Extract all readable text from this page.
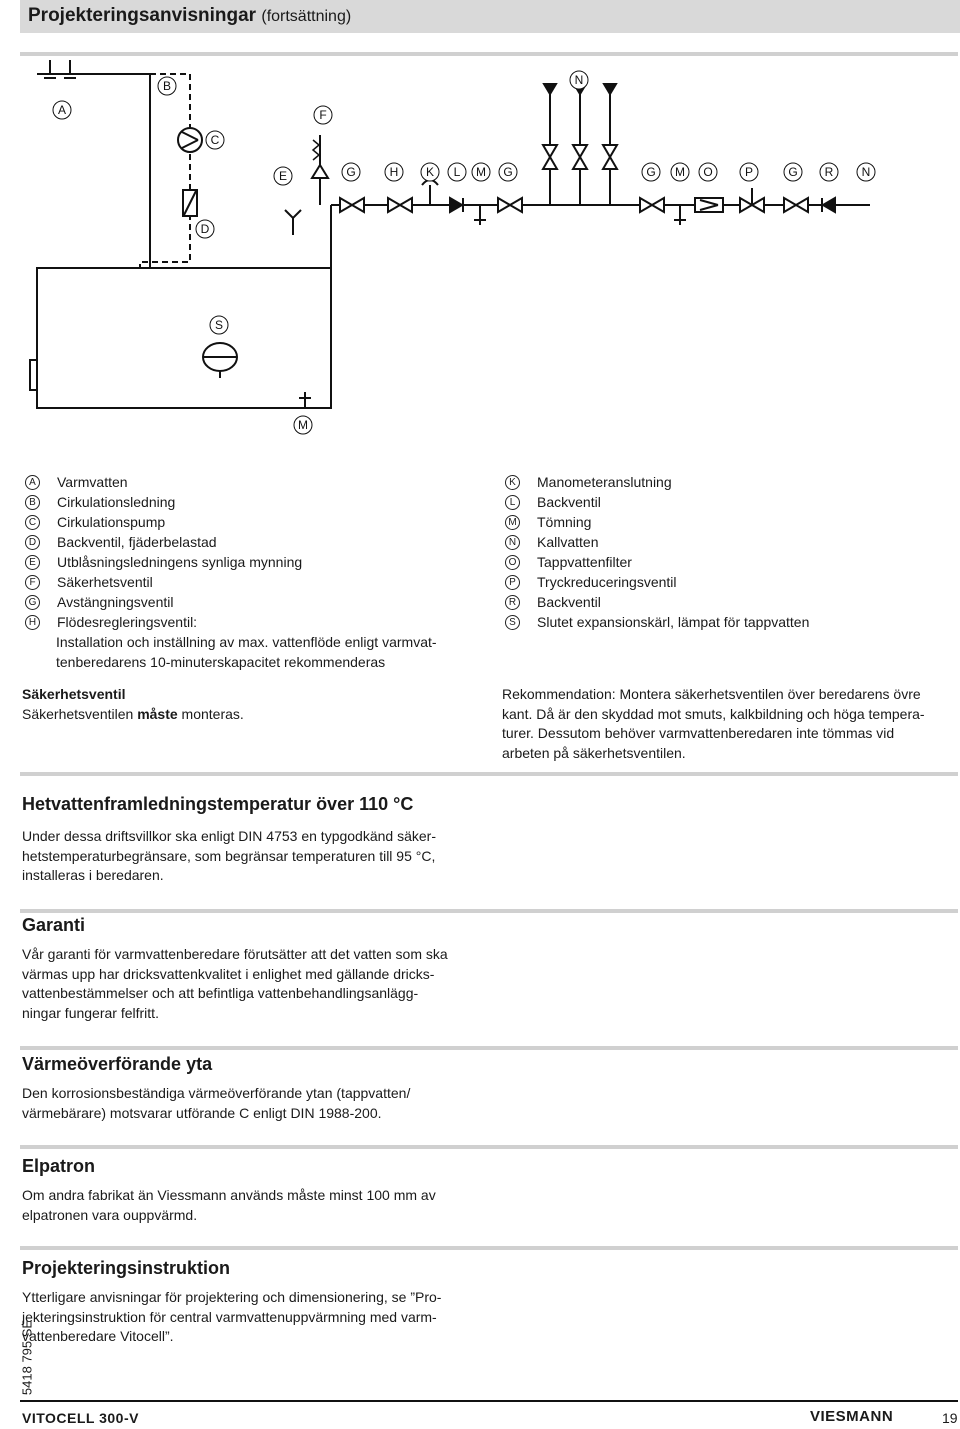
Projekteringsanvisningar (fortsättning)
A
B
C
D
E
F
G	H K L M G
N
G M O	P	G R N
S
M
A Varmvatten
B Cirkulationsledning
C Cirkulationspump
D Backventil, fjäderbelastad
E Utblåsningsledningens synliga mynning
F	Säkerhetsventil
G Avstängningsventil
H Flödesregleringsventil:
Installation och inställning av max. vattenflöde enligt varmvat-
tenberedarens 10-minuterskapacitet rekommenderas
K Manometeranslutning
L	Backventil
M Tömning
N Kallvatten
O Tappvattenfilter
P Tryckreduceringsventil
R Backventil
S Slutet expansionskärl, lämpat för tappvatten
Säkerhetsventil
Säkerhetsventilen måste monteras.
Rekommendation: Montera säkerhetsventilen över beredarens övre
kant. Då är den skyddad mot smuts, kalkbildning och höga tempera-
turer. Dessutom behöver varmvattenberedaren inte tömmas vid
arbeten på säkerhetsventilen.
Hetvattenframledningstemperatur över 110 °C
Under dessa driftsvillkor ska enligt DIN 4753 en typgodkänd säker-
hetstemperaturbegränsare, som begränsar temperaturen till 95 °C,
installeras i beredaren.
Garanti
Vår garanti för varmvattenberedare förutsätter att det vatten som ska
värmas upp har dricksvattenkvalitet i enlighet med gällande dricks-
vattenbestämmelser och att befintliga vattenbehandlingsanlägg-
ningar fungerar felfritt.
Värmeöverförande yta
Den korrosionsbeständiga värmeöverförande ytan (tappvatten/
värmebärare) motsvarar utförande C enligt DIN 1988-200.
Elpatron
Om andra fabrikat än Viessmann används måste minst 100 mm av
elpatronen vara ouppvärmd.
Projekteringsinstruktion
Ytterligare anvisningar för projektering och dimensionering, se ”Pro-
jekteringsinstruktion för central varmvattenuppvärmning med varm-
vattenberedare Vitocell”.
5418 795 SE
VITOCELL 300-V	VIESMANN	19
